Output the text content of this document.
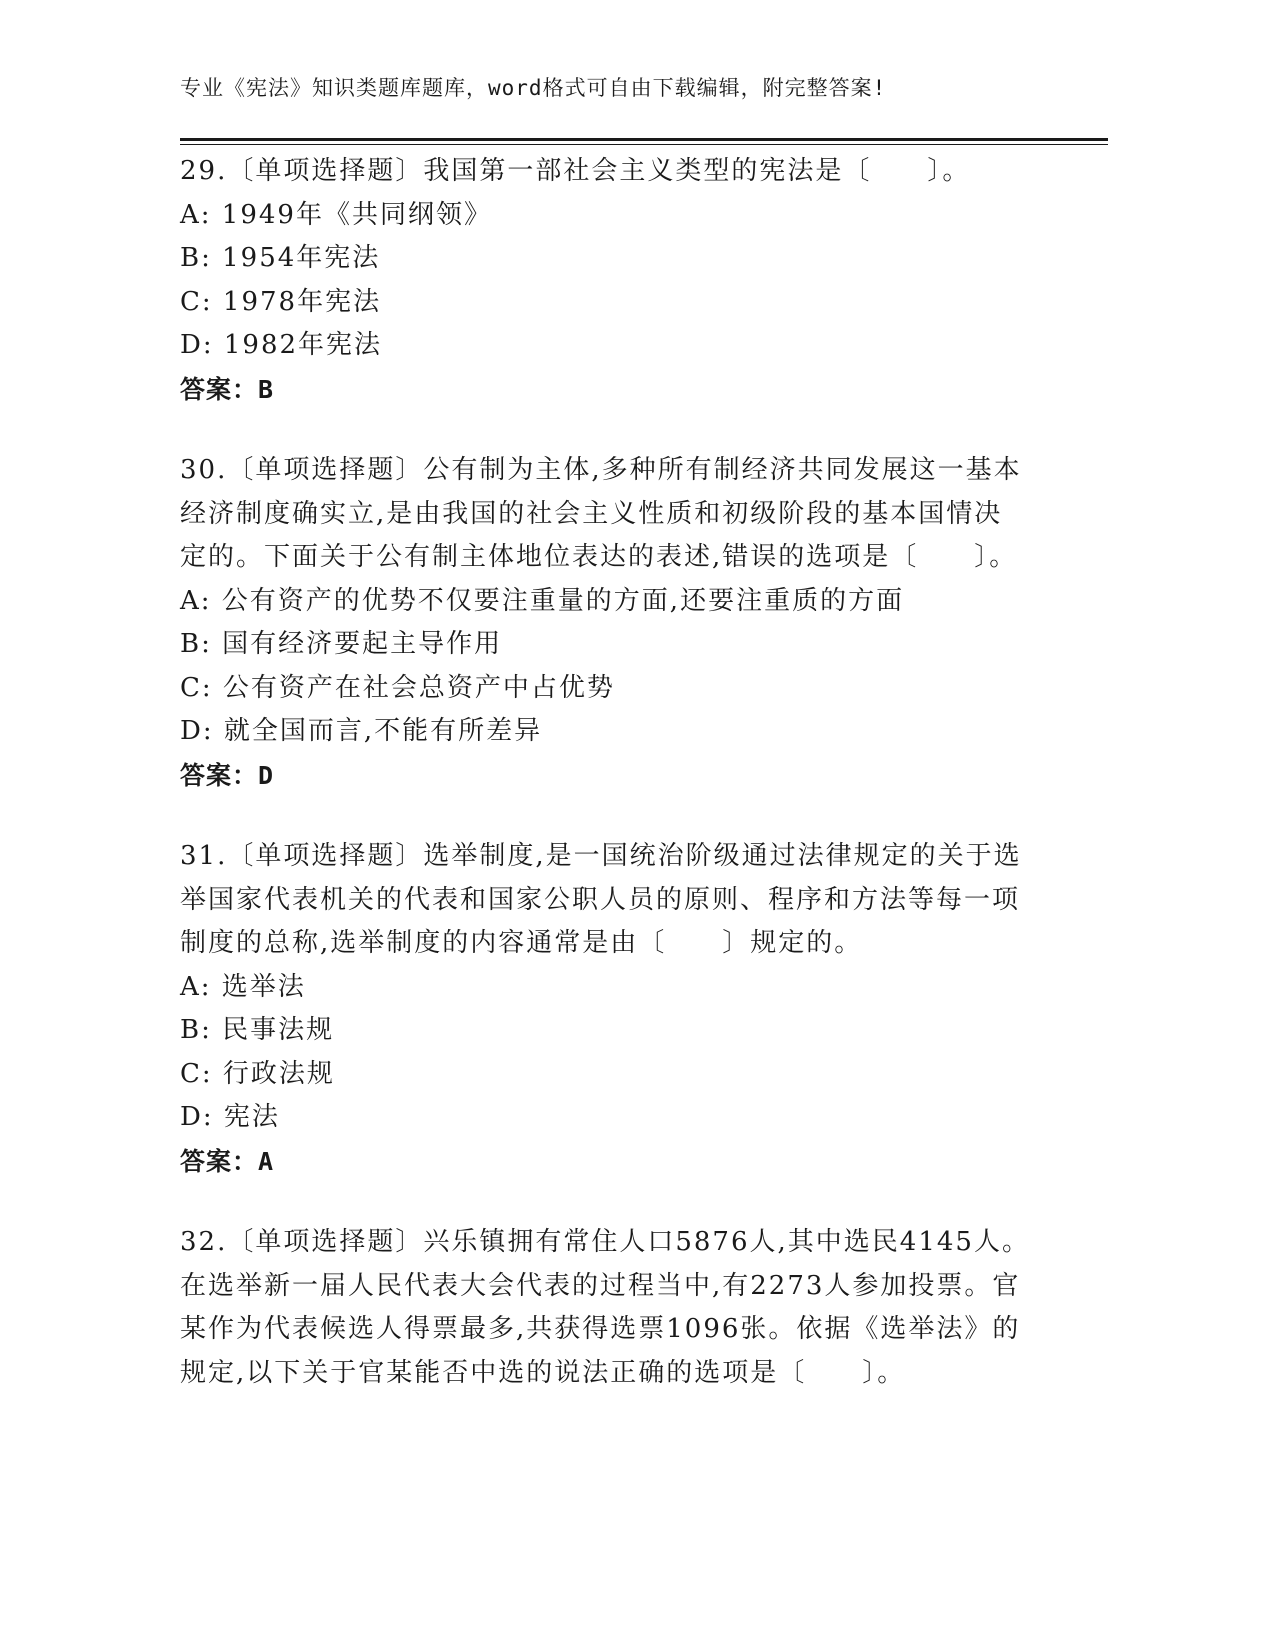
专业《宪法》知识类题库题库，word格式可自由下载编辑，附完整答案!

29.〔单项选择题〕我国第一部社会主义类型的宪法是〔　　〕。

A: 1949年《共同纲领》

B: 1954年宪法

C: 1978年宪法

D: 1982年宪法

答案：B

30.〔单项选择题〕公有制为主体,多种所有制经济共同发展这一基本经济制度确实立,是由我国的社会主义性质和初级阶段的基本国情决定的。下面关于公有制主体地位表达的表述,错误的选项是〔　　〕。

A: 公有资产的优势不仅要注重量的方面,还要注重质的方面

B: 国有经济要起主导作用

C: 公有资产在社会总资产中占优势

D: 就全国而言,不能有所差异

答案：D

31.〔单项选择题〕选举制度,是一国统治阶级通过法律规定的关于选举国家代表机关的代表和国家公职人员的原则、程序和方法等每一项制度的总称,选举制度的内容通常是由〔　　〕规定的。

A: 选举法

B: 民事法规

C: 行政法规

D: 宪法

答案：A

32.〔单项选择题〕兴乐镇拥有常住人口5876人,其中选民4145人。在选举新一届人民代表大会代表的过程当中,有2273人参加投票。官某作为代表候选人得票最多,共获得选票1096张。依据《选举法》的规定,以下关于官某能否中选的说法正确的选项是〔　　〕。
